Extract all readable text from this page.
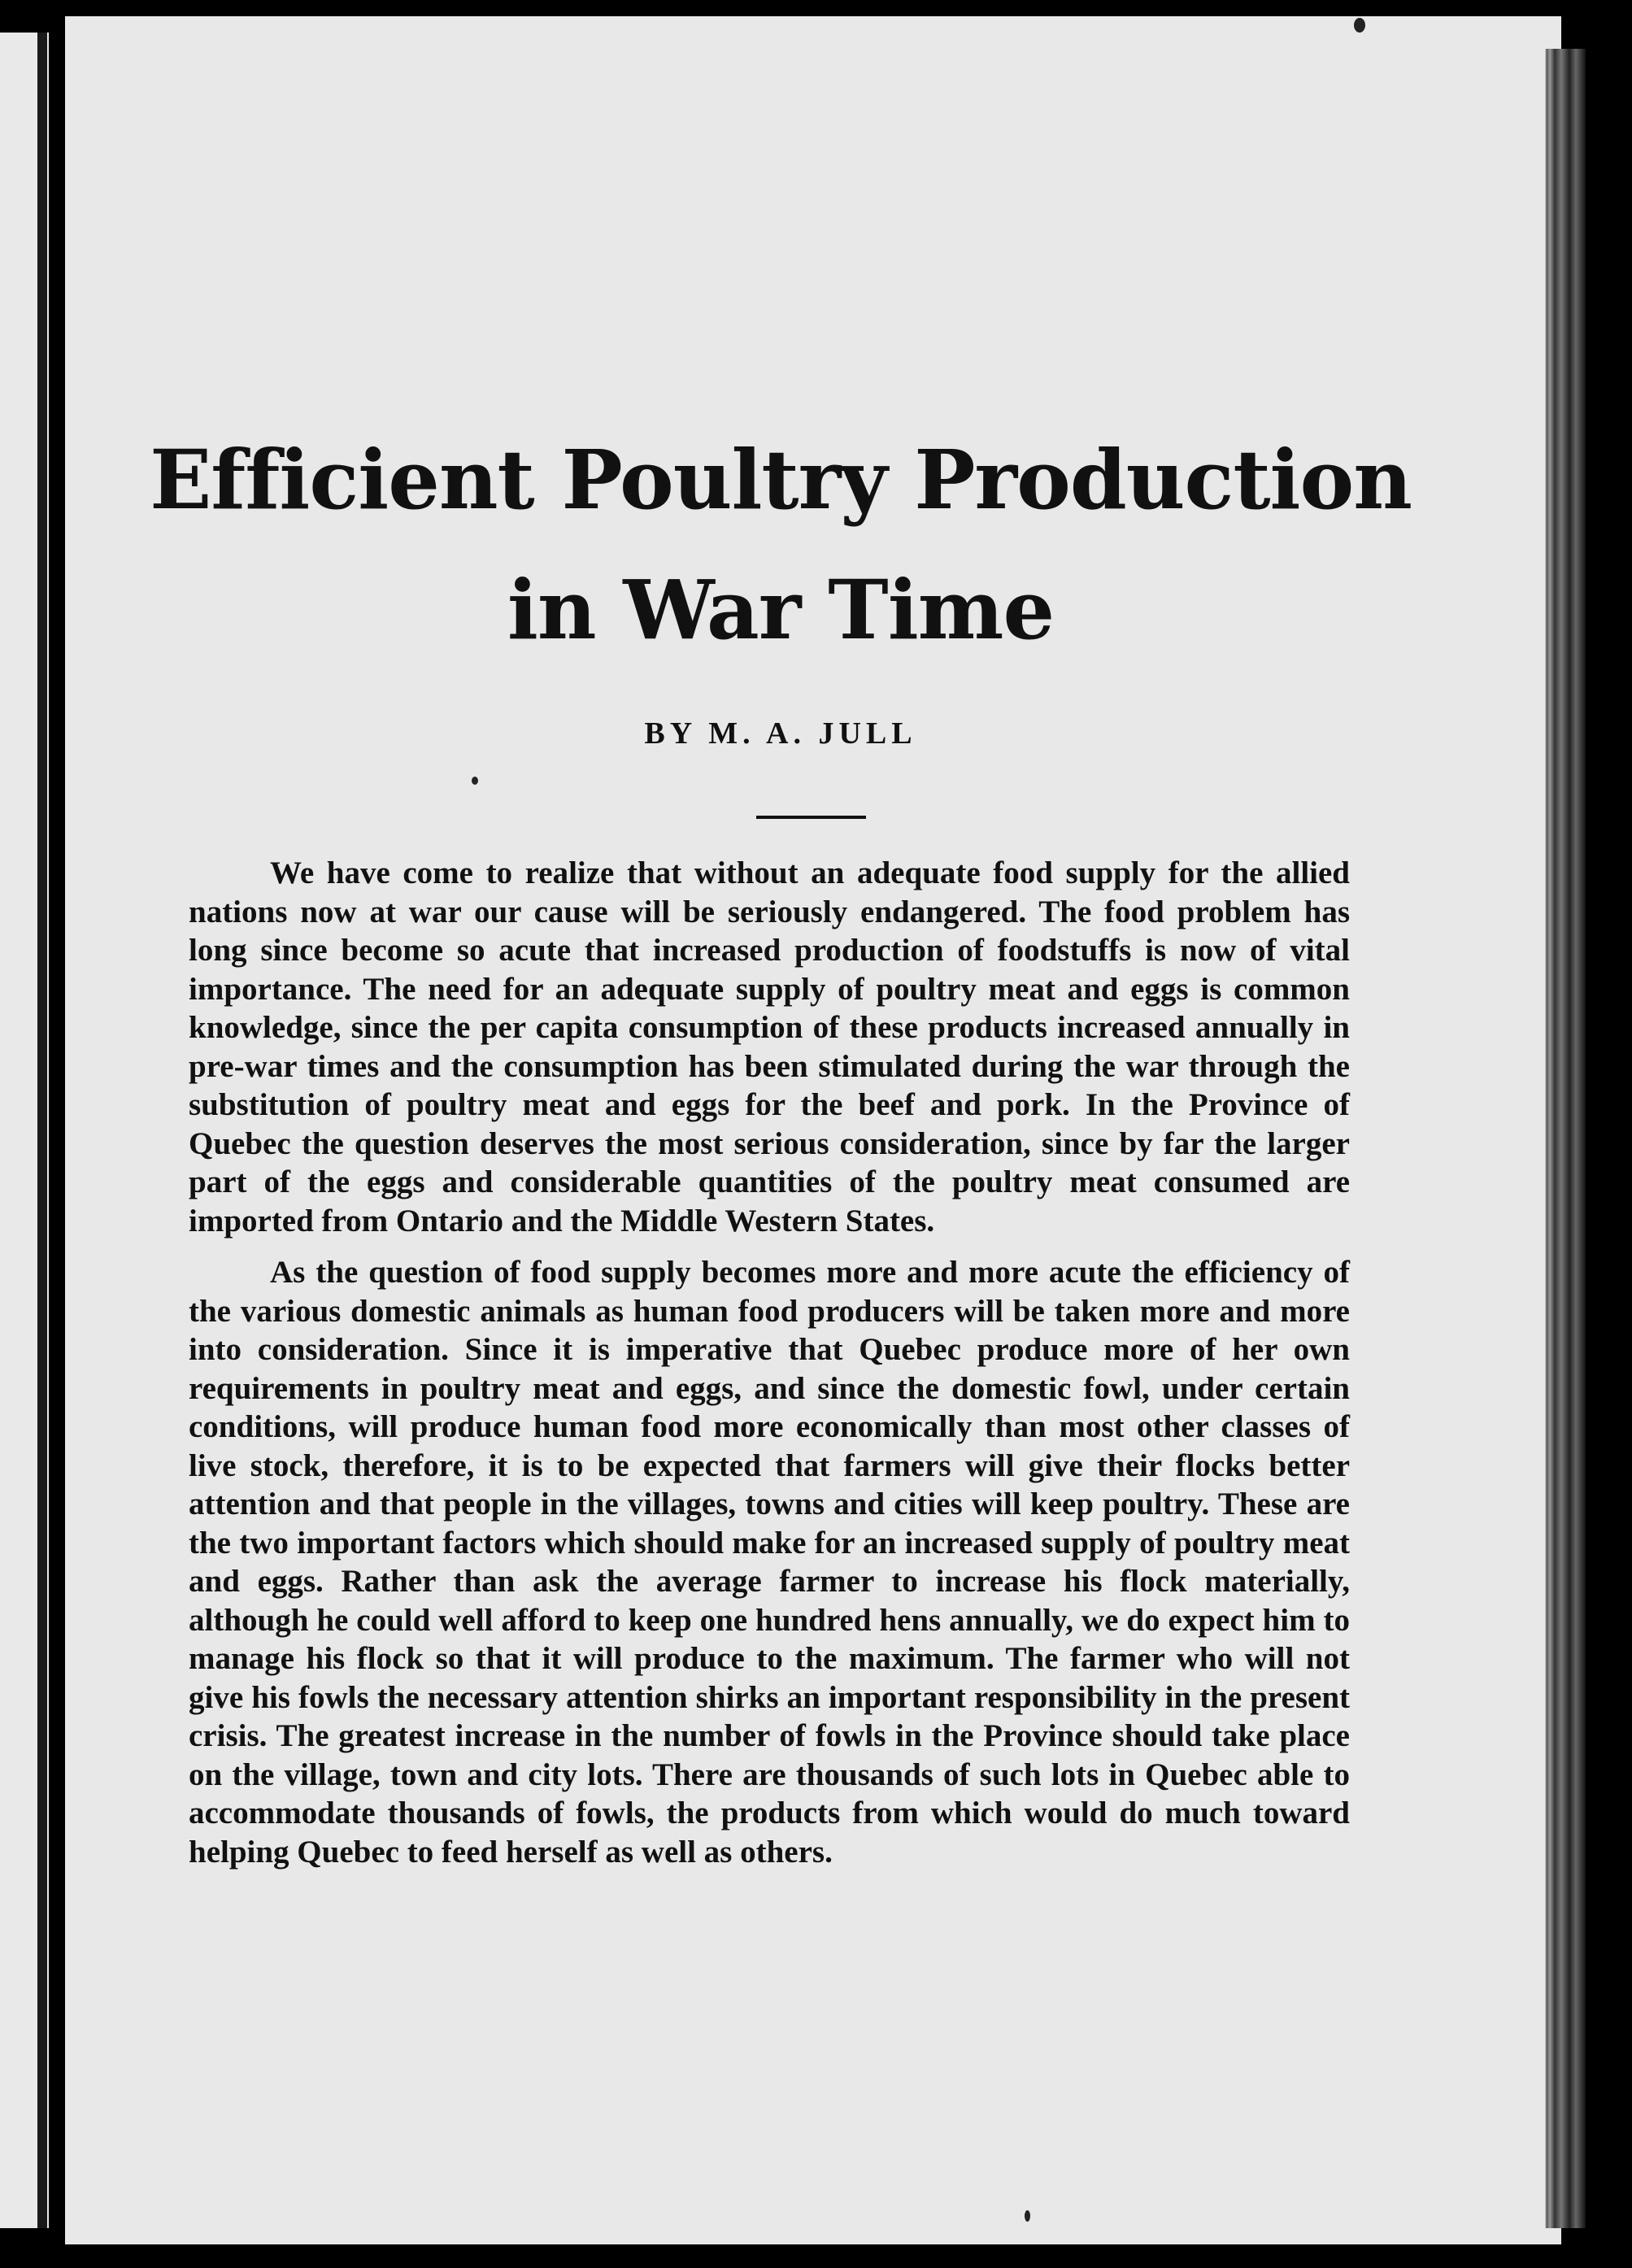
Efficient Poultry Production
in War Time
BY M. A. JULL

We have come to realize that without an adequate food supply for the allied nations now at war our cause will be seriously endangered. The food problem has long since become so acute that increased production of foodstuffs is now of vital importance. The need for an adequate supply of poultry meat and eggs is common knowledge, since the per capita consumption of these products increased annually in pre-war times and the consumption has been stimulated during the war through the substitution of poultry meat and eggs for the beef and pork. In the Province of Quebec the question deserves the most serious consideration, since by far the larger part of the eggs and considerable quantities of the poultry meat consumed are imported from Ontario and the Middle Western States.

As the question of food supply becomes more and more acute the efficiency of the various domestic animals as human food producers will be taken more and more into consideration. Since it is imperative that Quebec produce more of her own requirements in poultry meat and eggs, and since the domestic fowl, under certain conditions, will produce human food more economically than most other classes of live stock, therefore, it is to be expected that farmers will give their flocks better attention and that people in the villages, towns and cities will keep poultry. These are the two important factors which should make for an increased supply of poultry meat and eggs. Rather than ask the average farmer to increase his flock materially, although he could well afford to keep one hundred hens annually, we do expect him to manage his flock so that it will produce to the maximum. The farmer who will not give his fowls the necessary attention shirks an important responsibility in the present crisis. The greatest increase in the number of fowls in the Province should take place on the village, town and city lots. There are thousands of such lots in Quebec able to accommodate thousands of fowls, the products from which would do much toward helping Quebec to feed herself as well as others.
